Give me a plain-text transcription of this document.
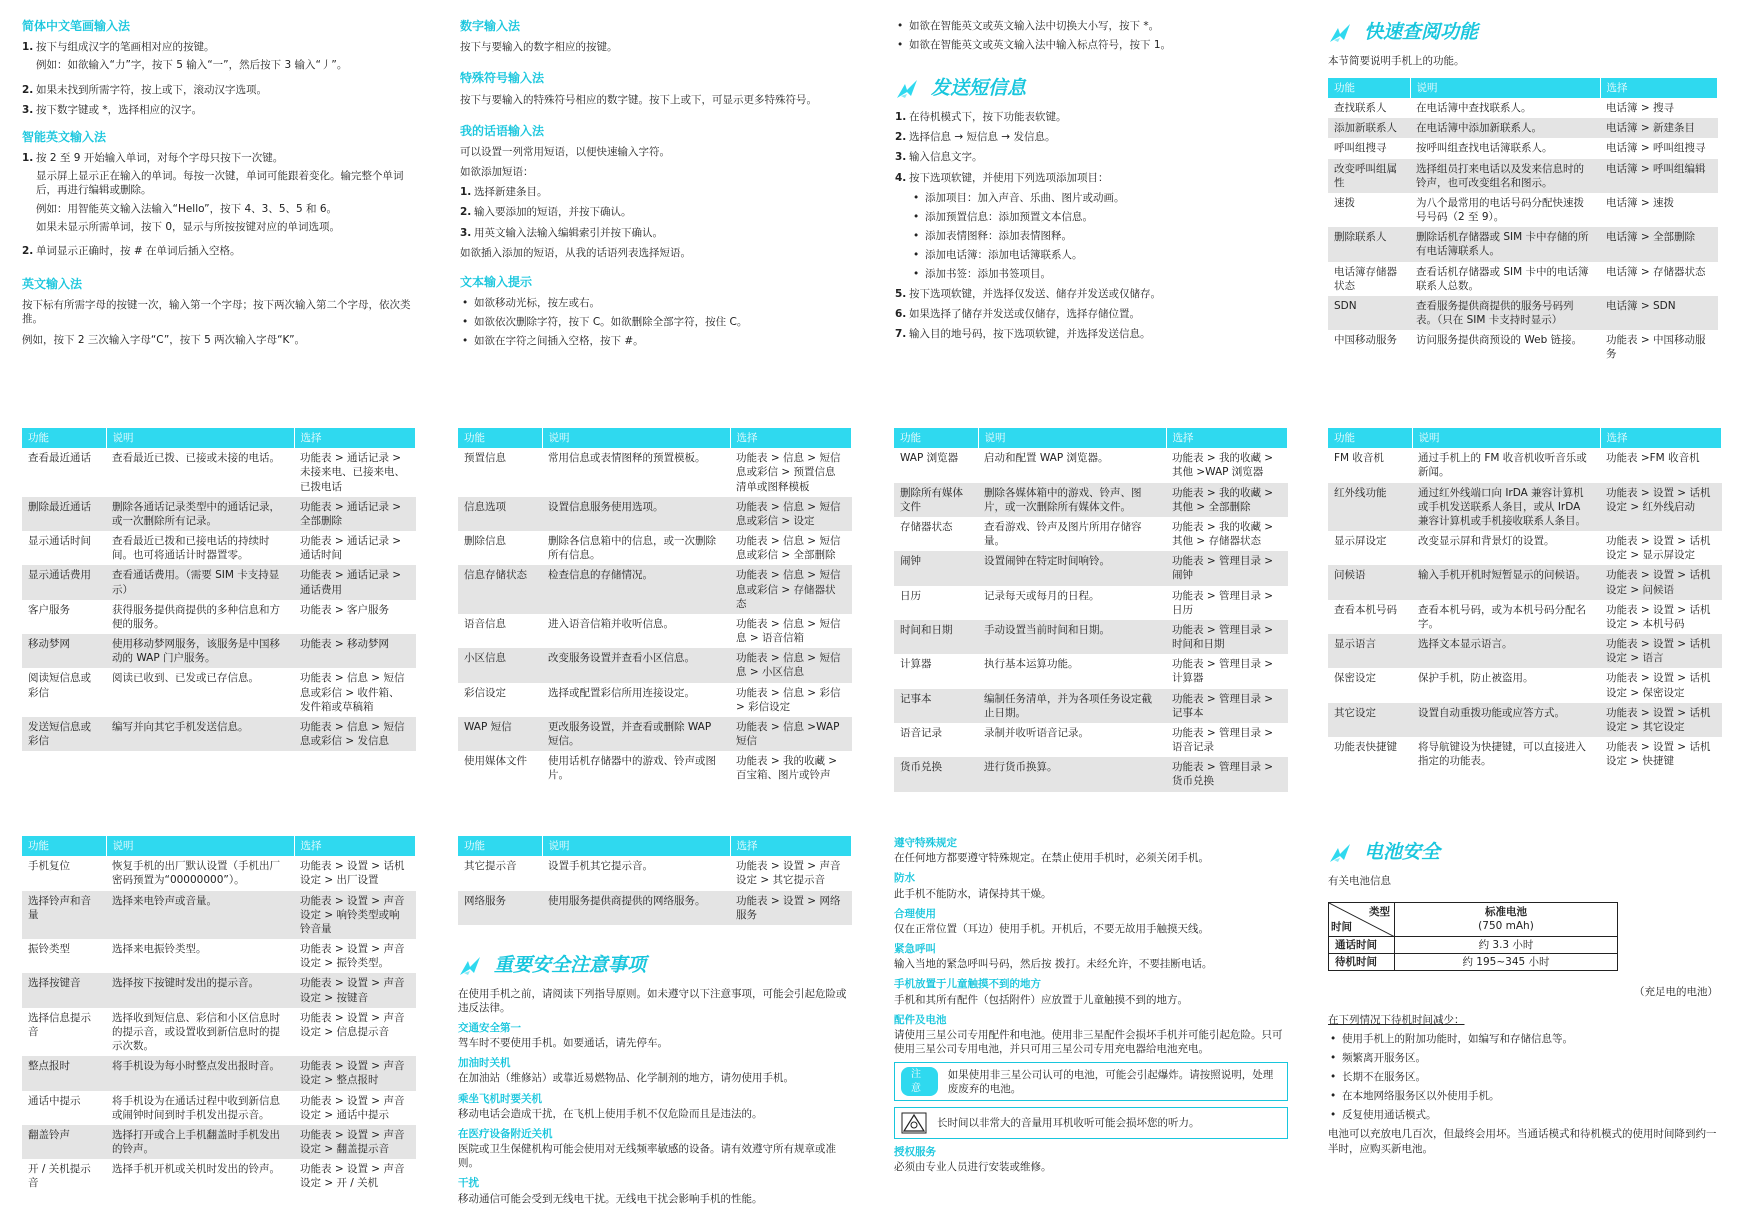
简体中文笔画输入法
1. 按下与组成汉字的笔画相对应的按键。
例如：如欲输入“力”字，按下 5 输入“一”，然后按下 3 输入“丿”。
2. 如果未找到所需字符，按上或下，滚动汉字选项。
3. 按下数字键或 *，选择相应的汉字。
智能英文输入法
1. 按 2 至 9 开始输入单词，对每个字母只按下一次键。
显示屏上显示正在输入的单词。每按一次键，单词可能跟着变化。输完整个单词后，再进行编辑或删除。
例如：用智能英文输入法输入“Hello”，按下 4、3、5、5 和 6。
如果未显示所需单词，按下 0，显示与所按按键对应的单词选项。
2. 单词显示正确时，按 # 在单词后插入空格。
英文输入法
按下标有所需字母的按键一次，输入第一个字母；按下两次输入第二个字母，依次类推。
例如，按下 2 三次输入字母“C”，按下 5 两次输入字母“K”。
数字输入法
按下与要输入的数字相应的按键。
特殊符号输入法
按下与要输入的特殊符号相应的数字键。按下上或下，可显示更多特殊符号。
我的话语输入法
可以设置一列常用短语，以便快速输入字符。
如欲添加短语：
1. 选择新建条目。
2. 输入要添加的短语，并按下确认。
3. 用英文输入法输入编辑索引并按下确认。
如欲插入添加的短语，从我的话语列表选择短语。
文本输入提示
• 如欲移动光标，按左或右。
• 如欲依次删除字符，按下 C。如欲删除全部字符，按住 C。
• 如欲在字符之间插入空格，按下 #。
• 如欲在智能英文或英文输入法中切换大小写，按下 *。
• 如欲在智能英文或英文输入法中输入标点符号，按下 1。
发送短信息
1. 在待机模式下，按下功能表软键。
2. 选择信息 → 短信息 → 发信息。
3. 输入信息文字。
4. 按下选项软键，并使用下列选项添加项目：
• 添加项目：加入声音、乐曲、图片或动画。
• 添加预置信息：添加预置文本信息。
• 添加表情图释：添加表情图释。
• 添加电话簿：添加电话簿联系人。
• 添加书签：添加书签项目。
5. 按下选项软键，并选择仅发送、储存并发送或仅储存。
6. 如果选择了储存并发送或仅储存，选择存储位置。
7. 输入目的地号码，按下选项软键，并选择发送信息。
快速查阅功能
本节简要说明手机上的功能。
功能	说明	选择
查找联系人	在电话簿中查找联系人。	电话簿 > 搜寻
添加新联系人	在电话簿中添加新联系人。	电话簿 > 新建条目
呼叫组搜寻	按呼叫组查找电话簿联系人。	电话簿 > 呼叫组搜寻
改变呼叫组属性	选择组员打来电话以及发来信息时的铃声，也可改变组名和图示。	电话簿 > 呼叫组编辑
速拨	为八个最常用的电话号码分配快速拨号号码（2 至 9）。	电话簿 > 速拨
删除联系人	删除话机存储器或 SIM 卡中存储的所有电话簿联系人。	电话簿 > 全部删除
电话簿存储器状态	查看话机存储器或 SIM 卡中的电话簿联系人总数。	电话簿 > 存储器状态
SDN	查看服务提供商提供的服务号码列表。（只在 SIM 卡支持时显示）	电话簿 > SDN
中国移动服务	访问服务提供商预设的 Web 链接。	功能表 > 中国移动服务
功能	说明	选择
查看最近通话	查看最近已拨、已接或未接的电话。	功能表 > 通话记录 > 未接来电、已接来电、已拨电话
删除最近通话	删除各通话记录类型中的通话记录，或一次删除所有记录。	功能表 > 通话记录 > 全部删除
显示通话时间	查看最近已拨和已接电话的持续时间。也可将通话计时器置零。	功能表 > 通话记录 > 通话时间
显示通话费用	查看通话费用。（需要 SIM 卡支持显示）	功能表 > 通话记录 > 通话费用
客户服务	获得服务提供商提供的多种信息和方便的服务。	功能表 > 客户服务
移动梦网	使用移动梦网服务，该服务是中国移动的 WAP 门户服务。	功能表 > 移动梦网
阅读短信息或彩信	阅读已收到、已发或已存信息。	功能表 > 信息 > 短信息或彩信 > 收件箱、发件箱或草稿箱
发送短信息或彩信	编写并向其它手机发送信息。	功能表 > 信息 > 短信息或彩信 > 发信息
功能	说明	选择
预置信息	常用信息或表情图释的预置模板。	功能表 > 信息 > 短信息或彩信 > 预置信息清单或图释模板
信息选项	设置信息服务使用选项。	功能表 > 信息 > 短信息或彩信 > 设定
删除信息	删除各信息箱中的信息，或一次删除所有信息。	功能表 > 信息 > 短信息或彩信 > 全部删除
信息存储状态	检查信息的存储情况。	功能表 > 信息 > 短信息或彩信 > 存储器状态
语音信息	进入语音信箱并收听信息。	功能表 > 信息 > 短信息 > 语音信箱
小区信息	改变服务设置并查看小区信息。	功能表 > 信息 > 短信息 > 小区信息
彩信设定	选择或配置彩信所用连接设定。	功能表 > 信息 > 彩信 > 彩信设定
WAP 短信	更改服务设置，并查看或删除 WAP 短信。	功能表 > 信息 >WAP 短信
使用媒体文件	使用话机存储器中的游戏、铃声或图片。	功能表 > 我的收藏 > 百宝箱、图片或铃声
功能	说明	选择
WAP 浏览器	启动和配置 WAP 浏览器。	功能表 > 我的收藏 > 其他 >WAP 浏览器
删除所有媒体文件	删除各媒体箱中的游戏、铃声、图片，或一次删除所有媒体文件。	功能表 > 我的收藏 > 其他 > 全部删除
存储器状态	查看游戏、铃声及图片所用存储容量。	功能表 > 我的收藏 > 其他 > 存储器状态
闹钟	设置闹钟在特定时间响铃。	功能表 > 管理目录 > 闹钟
日历	记录每天或每月的日程。	功能表 > 管理目录 > 日历
时间和日期	手动设置当前时间和日期。	功能表 > 管理目录 > 时间和日期
计算器	执行基本运算功能。	功能表 > 管理目录 > 计算器
记事本	编制任务清单，并为各项任务设定截止日期。	功能表 > 管理目录 > 记事本
语音记录	录制并收听语音记录。	功能表 > 管理目录 > 语音记录
货币兑换	进行货币换算。	功能表 > 管理目录 > 货币兑换
功能	说明	选择
FM 收音机	通过手机上的 FM 收音机收听音乐或新闻。	功能表 >FM 收音机
红外线功能	通过红外线端口向 IrDA 兼容计算机或手机发送联系人条目，或从 IrDA 兼容计算机或手机接收联系人条目。	功能表 > 设置 > 话机设定 > 红外线启动
显示屏设定	改变显示屏和背景灯的设置。	功能表 > 设置 > 话机设定 > 显示屏设定
问候语	输入手机开机时短暂显示的问候语。	功能表 > 设置 > 话机设定 > 问候语
查看本机号码	查看本机号码，或为本机号码分配名字。	功能表 > 设置 > 话机设定 > 本机号码
显示语言	选择文本显示语言。	功能表 > 设置 > 话机设定 > 语言
保密设定	保护手机，防止被盗用。	功能表 > 设置 > 话机设定 > 保密设定
其它设定	设置自动重拨功能或应答方式。	功能表 > 设置 > 话机设定 > 其它设定
功能表快捷键	将导航键设为快捷键，可以直接进入指定的功能表。	功能表 > 设置 > 话机设定 > 快捷键
功能	说明	选择
手机复位	恢复手机的出厂默认设置（手机出厂密码预置为“00000000”）。	功能表 > 设置 > 话机设定 > 出厂设置
选择铃声和音量	选择来电铃声或音量。	功能表 > 设置 > 声音设定 > 响铃类型或响铃音量
振铃类型	选择来电振铃类型。	功能表 > 设置 > 声音设定 > 振铃类型。
选择按键音	选择按下按键时发出的提示音。	功能表 > 设置 > 声音设定 > 按键音
选择信息提示音	选择收到短信息、彩信和小区信息时的提示音，或设置收到新信息时的提示次数。	功能表 > 设置 > 声音设定 > 信息提示音
整点报时	将手机设为每小时整点发出报时音。	功能表 > 设置 > 声音设定 > 整点报时
通话中提示	将手机设为在通话过程中收到新信息或闹钟时间到时手机发出提示音。	功能表 > 设置 > 声音设定 > 通话中提示
翻盖铃声	选择打开或合上手机翻盖时手机发出的铃声。	功能表 > 设置 > 声音设定 > 翻盖提示音
开 / 关机提示音	选择手机开机或关机时发出的铃声。	功能表 > 设置 > 声音设定 > 开 / 关机
功能	说明	选择
其它提示音	设置手机其它提示音。	功能表 > 设置 > 声音设定 > 其它提示音
网络服务	使用服务提供商提供的网络服务。	功能表 > 设置 > 网络服务
重要安全注意事项
在使用手机之前，请阅读下列指导原则。如未遵守以下注意事项，可能会引起危险或违反法律。
交通安全第一
驾车时不要使用手机。如要通话，请先停车。
加油时关机
在加油站（维修站）或靠近易燃物品、化学制剂的地方，请勿使用手机。
乘坐飞机时要关机
移动电话会造成干扰，在飞机上使用手机不仅危险而且是违法的。
在医疗设备附近关机
医院或卫生保健机构可能会使用对无线频率敏感的设备。请有效遵守所有规章或准则。
干扰
移动通信可能会受到无线电干扰。无线电干扰会影响手机的性能。
遵守特殊规定
在任何地方都要遵守特殊规定。在禁止使用手机时，必须关闭手机。
防水
此手机不能防水，请保持其干燥。
合理使用
仅在正常位置（耳边）使用手机。开机后，不要无故用手触摸天线。
紧急呼叫
输入当地的紧急呼叫号码，然后按 拨打。未经允许，不要挂断电话。
手机放置于儿童触摸不到的地方
手机和其所有配件（包括附件）应放置于儿童触摸不到的地方。
配件及电池
请使用三星公司专用配件和电池。使用非三星配件会损坏手机并可能引起危险。只可使用三星公司专用电池，并只可用三星公司专用充电器给电池充电。
注意
如果使用非三星公司认可的电池，可能会引起爆炸。请按照说明，处理废废弃的电池。
长时间以非常大的音量用耳机收听可能会损坏您的听力。
授权服务
必须由专业人员进行安装或维修。
电池安全
有关电池信息
类型
时间	标准电池
(750 mAh)
通话时间	约 3.3 小时
待机时间	约 195~345 小时
（充足电的电池）
在下列情况下待机时间减少：
• 使用手机上的附加功能时，如编写和存储信息等。
• 频繁离开服务区。
• 长期不在服务区。
• 在本地网络服务区以外使用手机。
• 反复使用通话模式。
电池可以充放电几百次，但最终会用坏。当通话模式和待机模式的使用时间降到约一半时，应购买新电池。
